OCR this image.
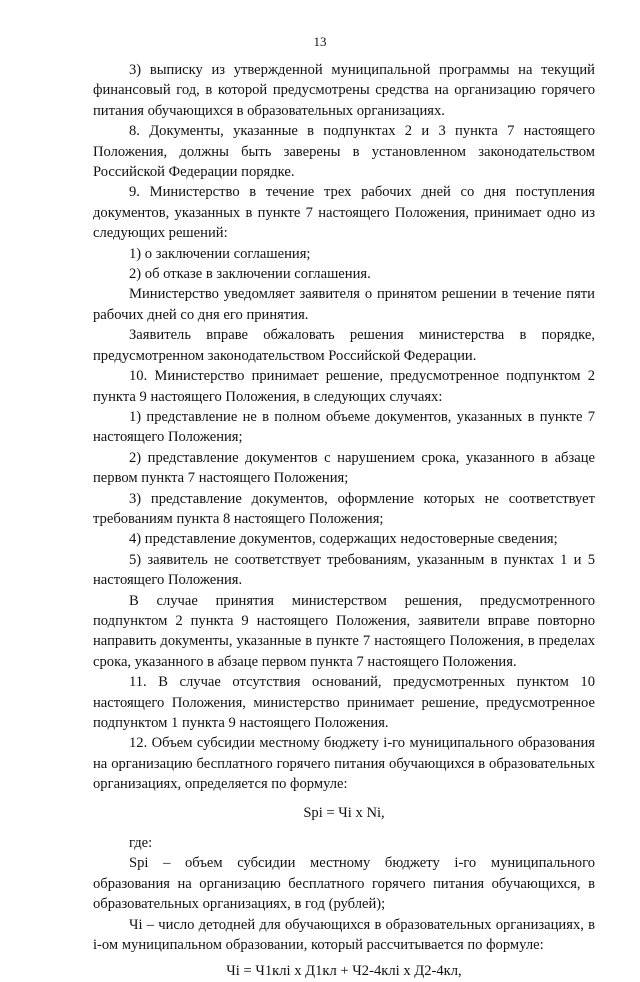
13

3) выписку из утвержденной муниципальной программы на текущий финансовый год, в которой предусмотрены средства на организацию горячего питания обучающихся в образовательных организациях.

8. Документы, указанные в подпунктах 2 и 3 пункта 7 настоящего Положения, должны быть заверены в установленном законодательством Российской Федерации порядке.

9. Министерство в течение трех рабочих дней со дня поступления документов, указанных в пункте 7 настоящего Положения, принимает одно из следующих решений:

1) о заключении соглашения;

2) об отказе в заключении соглашения.

Министерство уведомляет заявителя о принятом решении в течение пяти рабочих дней со дня его принятия.

Заявитель вправе обжаловать решения министерства в порядке, предусмотренном законодательством Российской Федерации.

10. Министерство принимает решение, предусмотренное подпунктом 2 пункта 9 настоящего Положения, в следующих случаях:

1) представление не в полном объеме документов, указанных в пункте 7 настоящего Положения;

2) представление документов с нарушением срока, указанного в абзаце первом пункта 7 настоящего Положения;

3) представление документов, оформление которых не соответствует требованиям пункта 8 настоящего Положения;

4) представление документов, содержащих недостоверные сведения;

5) заявитель не соответствует требованиям, указанным в пунктах 1 и 5 настоящего Положения.

В случае принятия министерством решения, предусмотренного подпунктом 2 пункта 9 настоящего Положения, заявители вправе повторно направить документы, указанные в пункте 7 настоящего Положения, в пределах срока, указанного в абзаце первом пункта 7 настоящего Положения.

11. В случае отсутствия оснований, предусмотренных пунктом 10 настоящего Положения, министерство принимает решение, предусмотренное подпунктом 1 пункта 9 настоящего Положения.

12. Объем субсидии местному бюджету i-го муниципального образования на организацию бесплатного горячего питания обучающихся в образовательных организациях, определяется по формуле:

Spi = Чi х Ni,

где:

Spi – объем субсидии местному бюджету i-го муниципального образования на организацию бесплатного горячего питания обучающихся, в образовательных организациях, в год (рублей);

Чi – число детодней для обучающихся в образовательных организациях, в i-ом муниципальном образовании, который рассчитывается по формуле:

Чi = Ч1клi х Д1кл + Ч2-4клi х Д2-4кл,
